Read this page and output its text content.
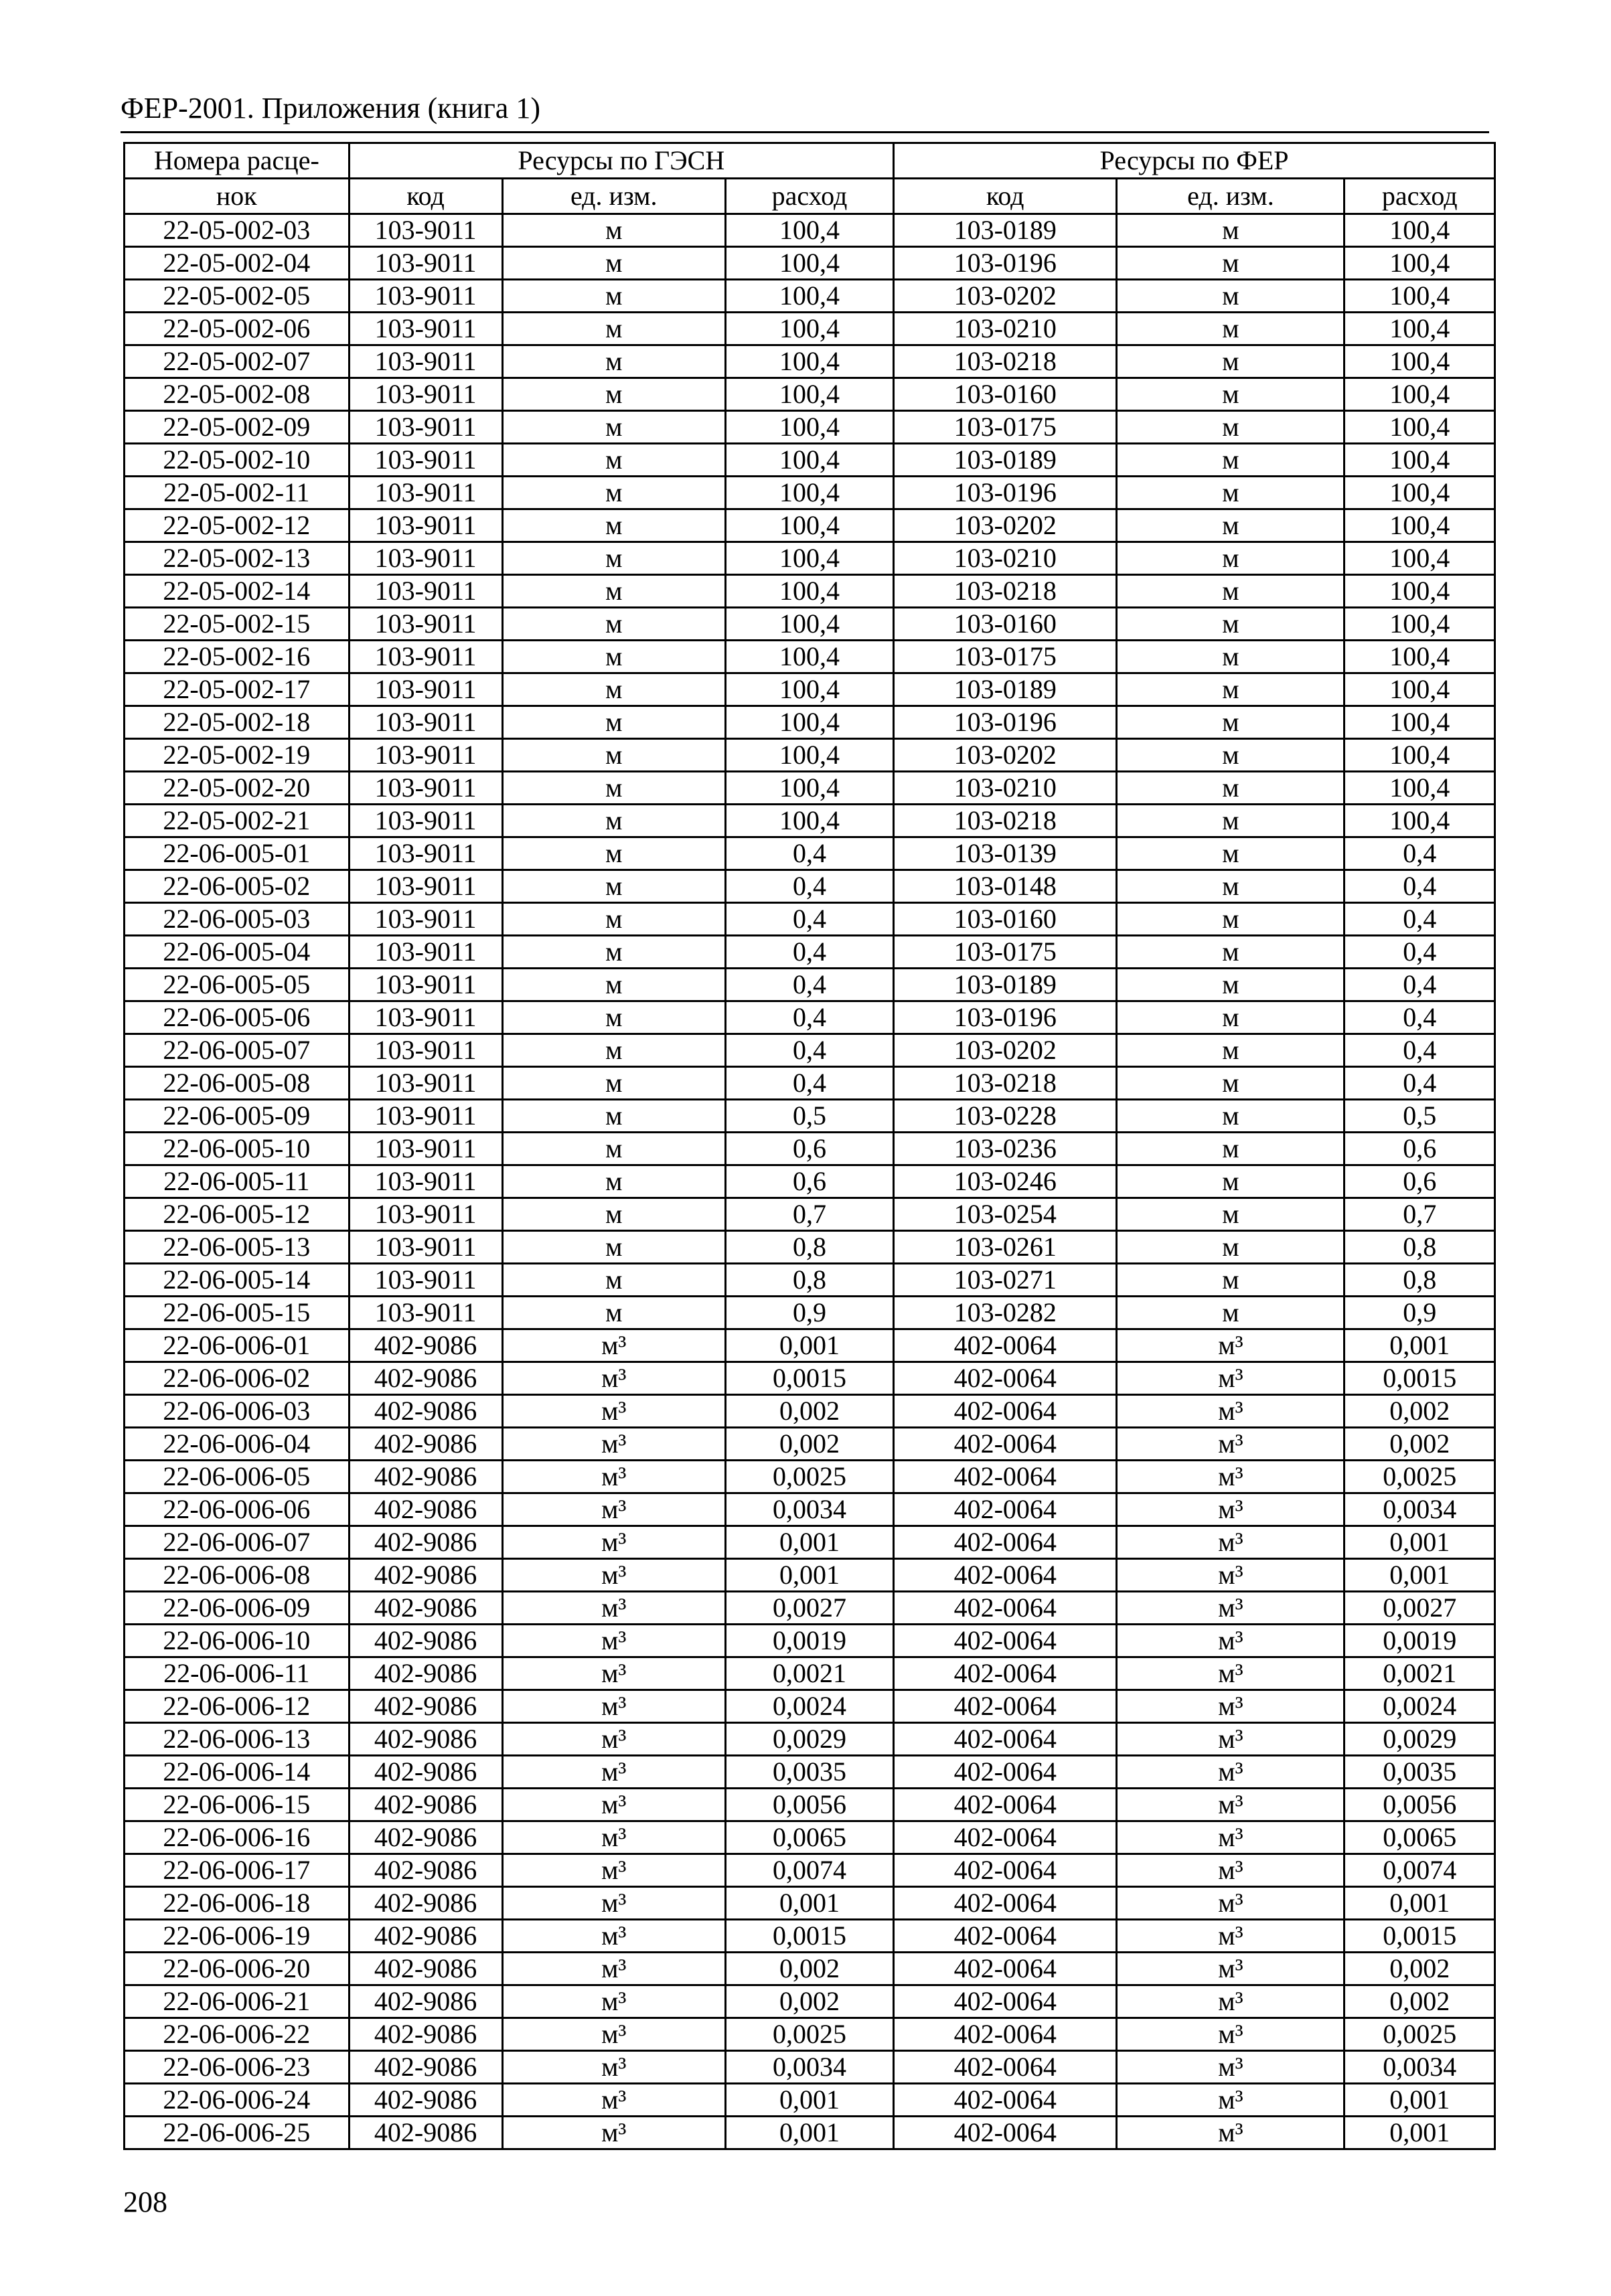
ФЕР-2001. Приложения (книга 1)
Номера расце-	Ресурсы по ГЭСН			Ресурсы по ФЕР		
нок	код	ед. изм.	расход	код	ед. изм.	расход
22-05-002-03	103-9011	м	100,4	103-0189	м	100,4
22-05-002-04	103-9011	м	100,4	103-0196	м	100,4
22-05-002-05	103-9011	м	100,4	103-0202	м	100,4
22-05-002-06	103-9011	м	100,4	103-0210	м	100,4
22-05-002-07	103-9011	м	100,4	103-0218	м	100,4
22-05-002-08	103-9011	м	100,4	103-0160	м	100,4
22-05-002-09	103-9011	м	100,4	103-0175	м	100,4
22-05-002-10	103-9011	м	100,4	103-0189	м	100,4
22-05-002-11	103-9011	м	100,4	103-0196	м	100,4
22-05-002-12	103-9011	м	100,4	103-0202	м	100,4
22-05-002-13	103-9011	м	100,4	103-0210	м	100,4
22-05-002-14	103-9011	м	100,4	103-0218	м	100,4
22-05-002-15	103-9011	м	100,4	103-0160	м	100,4
22-05-002-16	103-9011	м	100,4	103-0175	м	100,4
22-05-002-17	103-9011	м	100,4	103-0189	м	100,4
22-05-002-18	103-9011	м	100,4	103-0196	м	100,4
22-05-002-19	103-9011	м	100,4	103-0202	м	100,4
22-05-002-20	103-9011	м	100,4	103-0210	м	100,4
22-05-002-21	103-9011	м	100,4	103-0218	м	100,4
22-06-005-01	103-9011	м	0,4	103-0139	м	0,4
22-06-005-02	103-9011	м	0,4	103-0148	м	0,4
22-06-005-03	103-9011	м	0,4	103-0160	м	0,4
22-06-005-04	103-9011	м	0,4	103-0175	м	0,4
22-06-005-05	103-9011	м	0,4	103-0189	м	0,4
22-06-005-06	103-9011	м	0,4	103-0196	м	0,4
22-06-005-07	103-9011	м	0,4	103-0202	м	0,4
22-06-005-08	103-9011	м	0,4	103-0218	м	0,4
22-06-005-09	103-9011	м	0,5	103-0228	м	0,5
22-06-005-10	103-9011	м	0,6	103-0236	м	0,6
22-06-005-11	103-9011	м	0,6	103-0246	м	0,6
22-06-005-12	103-9011	м	0,7	103-0254	м	0,7
22-06-005-13	103-9011	м	0,8	103-0261	м	0,8
22-06-005-14	103-9011	м	0,8	103-0271	м	0,8
22-06-005-15	103-9011	м	0,9	103-0282	м	0,9
22-06-006-01	402-9086	м³	0,001	402-0064	м³	0,001
22-06-006-02	402-9086	м³	0,0015	402-0064	м³	0,0015
22-06-006-03	402-9086	м³	0,002	402-0064	м³	0,002
22-06-006-04	402-9086	м³	0,002	402-0064	м³	0,002
22-06-006-05	402-9086	м³	0,0025	402-0064	м³	0,0025
22-06-006-06	402-9086	м³	0,0034	402-0064	м³	0,0034
22-06-006-07	402-9086	м³	0,001	402-0064	м³	0,001
22-06-006-08	402-9086	м³	0,001	402-0064	м³	0,001
22-06-006-09	402-9086	м³	0,0027	402-0064	м³	0,0027
22-06-006-10	402-9086	м³	0,0019	402-0064	м³	0,0019
22-06-006-11	402-9086	м³	0,0021	402-0064	м³	0,0021
22-06-006-12	402-9086	м³	0,0024	402-0064	м³	0,0024
22-06-006-13	402-9086	м³	0,0029	402-0064	м³	0,0029
22-06-006-14	402-9086	м³	0,0035	402-0064	м³	0,0035
22-06-006-15	402-9086	м³	0,0056	402-0064	м³	0,0056
22-06-006-16	402-9086	м³	0,0065	402-0064	м³	0,0065
22-06-006-17	402-9086	м³	0,0074	402-0064	м³	0,0074
22-06-006-18	402-9086	м³	0,001	402-0064	м³	0,001
22-06-006-19	402-9086	м³	0,0015	402-0064	м³	0,0015
22-06-006-20	402-9086	м³	0,002	402-0064	м³	0,002
22-06-006-21	402-9086	м³	0,002	402-0064	м³	0,002
22-06-006-22	402-9086	м³	0,0025	402-0064	м³	0,0025
22-06-006-23	402-9086	м³	0,0034	402-0064	м³	0,0034
22-06-006-24	402-9086	м³	0,001	402-0064	м³	0,001
22-06-006-25	402-9086	м³	0,001	402-0064	м³	0,001
208
